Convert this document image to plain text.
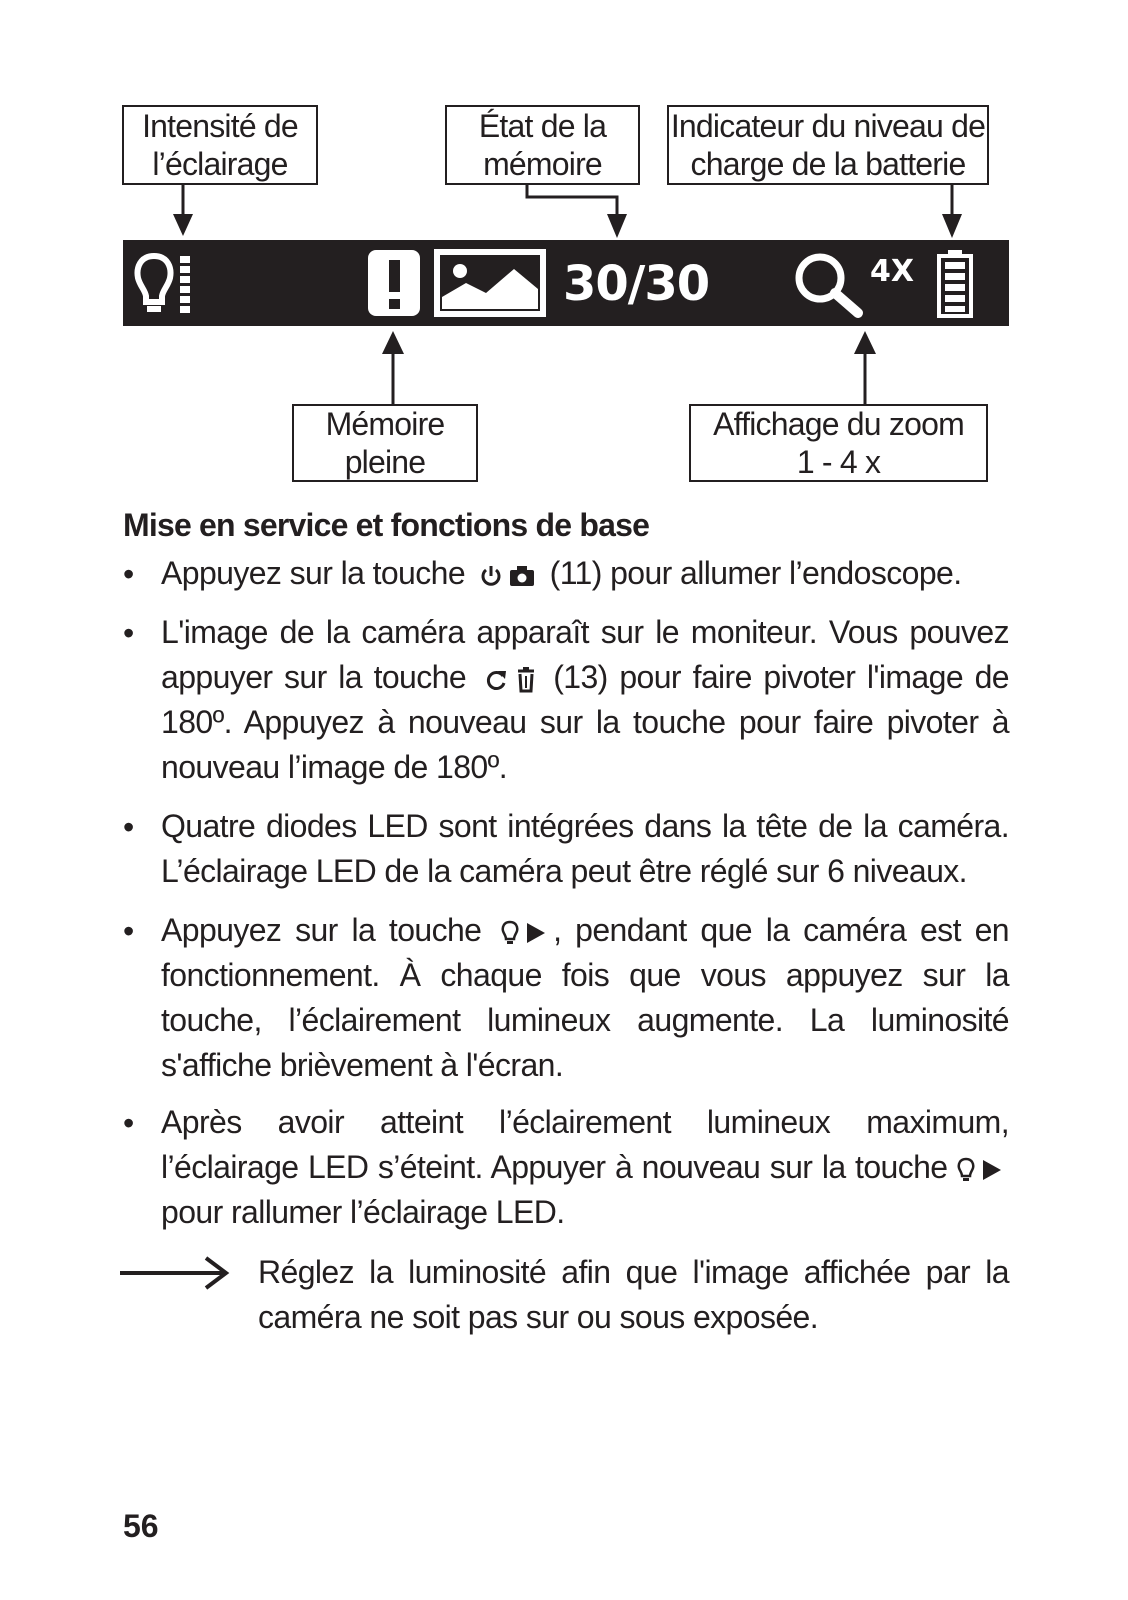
Intensité de
l’éclairage
État de la
mémoire
Indicateur du niveau de
charge de la batterie
30/30	4X
Mémoire
pleine
Affichage du zoom
1 - 4 x
Mise en service et fonctions de base
• Appuyez sur la touche	(11) pour allumer l’endoscope.

• L'image de la caméra apparaît sur le moniteur. Vous pouvez appuyer sur la touche	(13) pour faire pivoter l'image de 180º. Appuyez à nouveau sur la touche pour faire pivoter à nouveau l’image de 180º.

• Quatre diodes LED sont intégrées dans la tête de la caméra. L’éclairage LED de la caméra peut être réglé sur 6 niveaux.

• Appuyez sur la touche , pendant que la caméra est en fonctionnement. À chaque fois que vous appuyez sur la touche, l’éclairement lumineux augmente. La luminosité s'affiche brièvement à l'écran.

• Après avoir atteint l’éclairement lumineux maximum, l’éclairage LED s’éteint. Appuyer à nouveau sur la touche  pour rallumer l’éclairage LED.

Réglez la luminosité afin que l'image affichée par la caméra ne soit pas sur ou sous exposée.

56
